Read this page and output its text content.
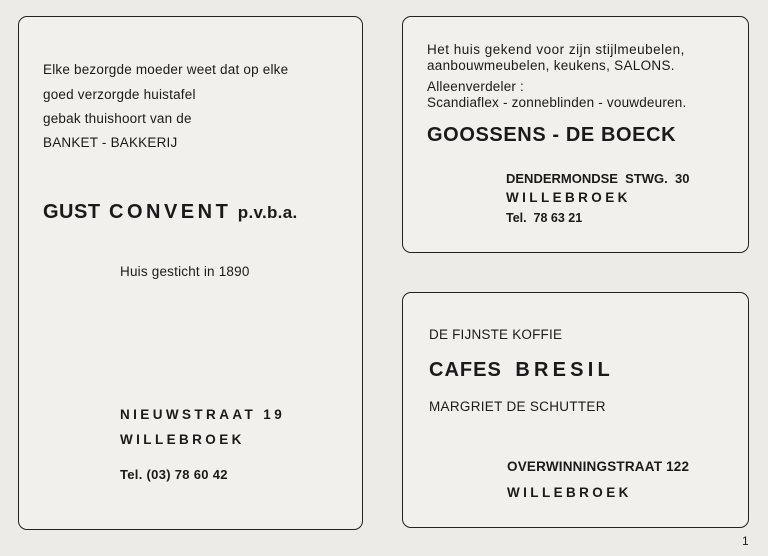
Elke bezorgde moeder weet dat op elke
goed verzorgde huistafel
gebak thuishoort van de
BANKET - BAKKERIJ
GUST CONVENT p.v.b.a.
Huis gesticht in 1890
NIEUWSTRAAT 19
WILLEBROEK
Tel. (03) 78 60 42
Het huis gekend voor zijn stijlmeubelen,
aanbouwmeubelen, keukens, SALONS.
Alleenverdeler :
Scandiaflex - zonneblinden - vouwdeuren.
GOOSSENS - DE BOECK
DENDERMONDSE  STWG.  30
WILLEBROEK
Tel.  78 63 21
DE FIJNSTE KOFFIE
CAFES BRESIL
MARGRIET DE SCHUTTER
OVERWINNINGSTRAAT 122
WILLEBROEK
1
